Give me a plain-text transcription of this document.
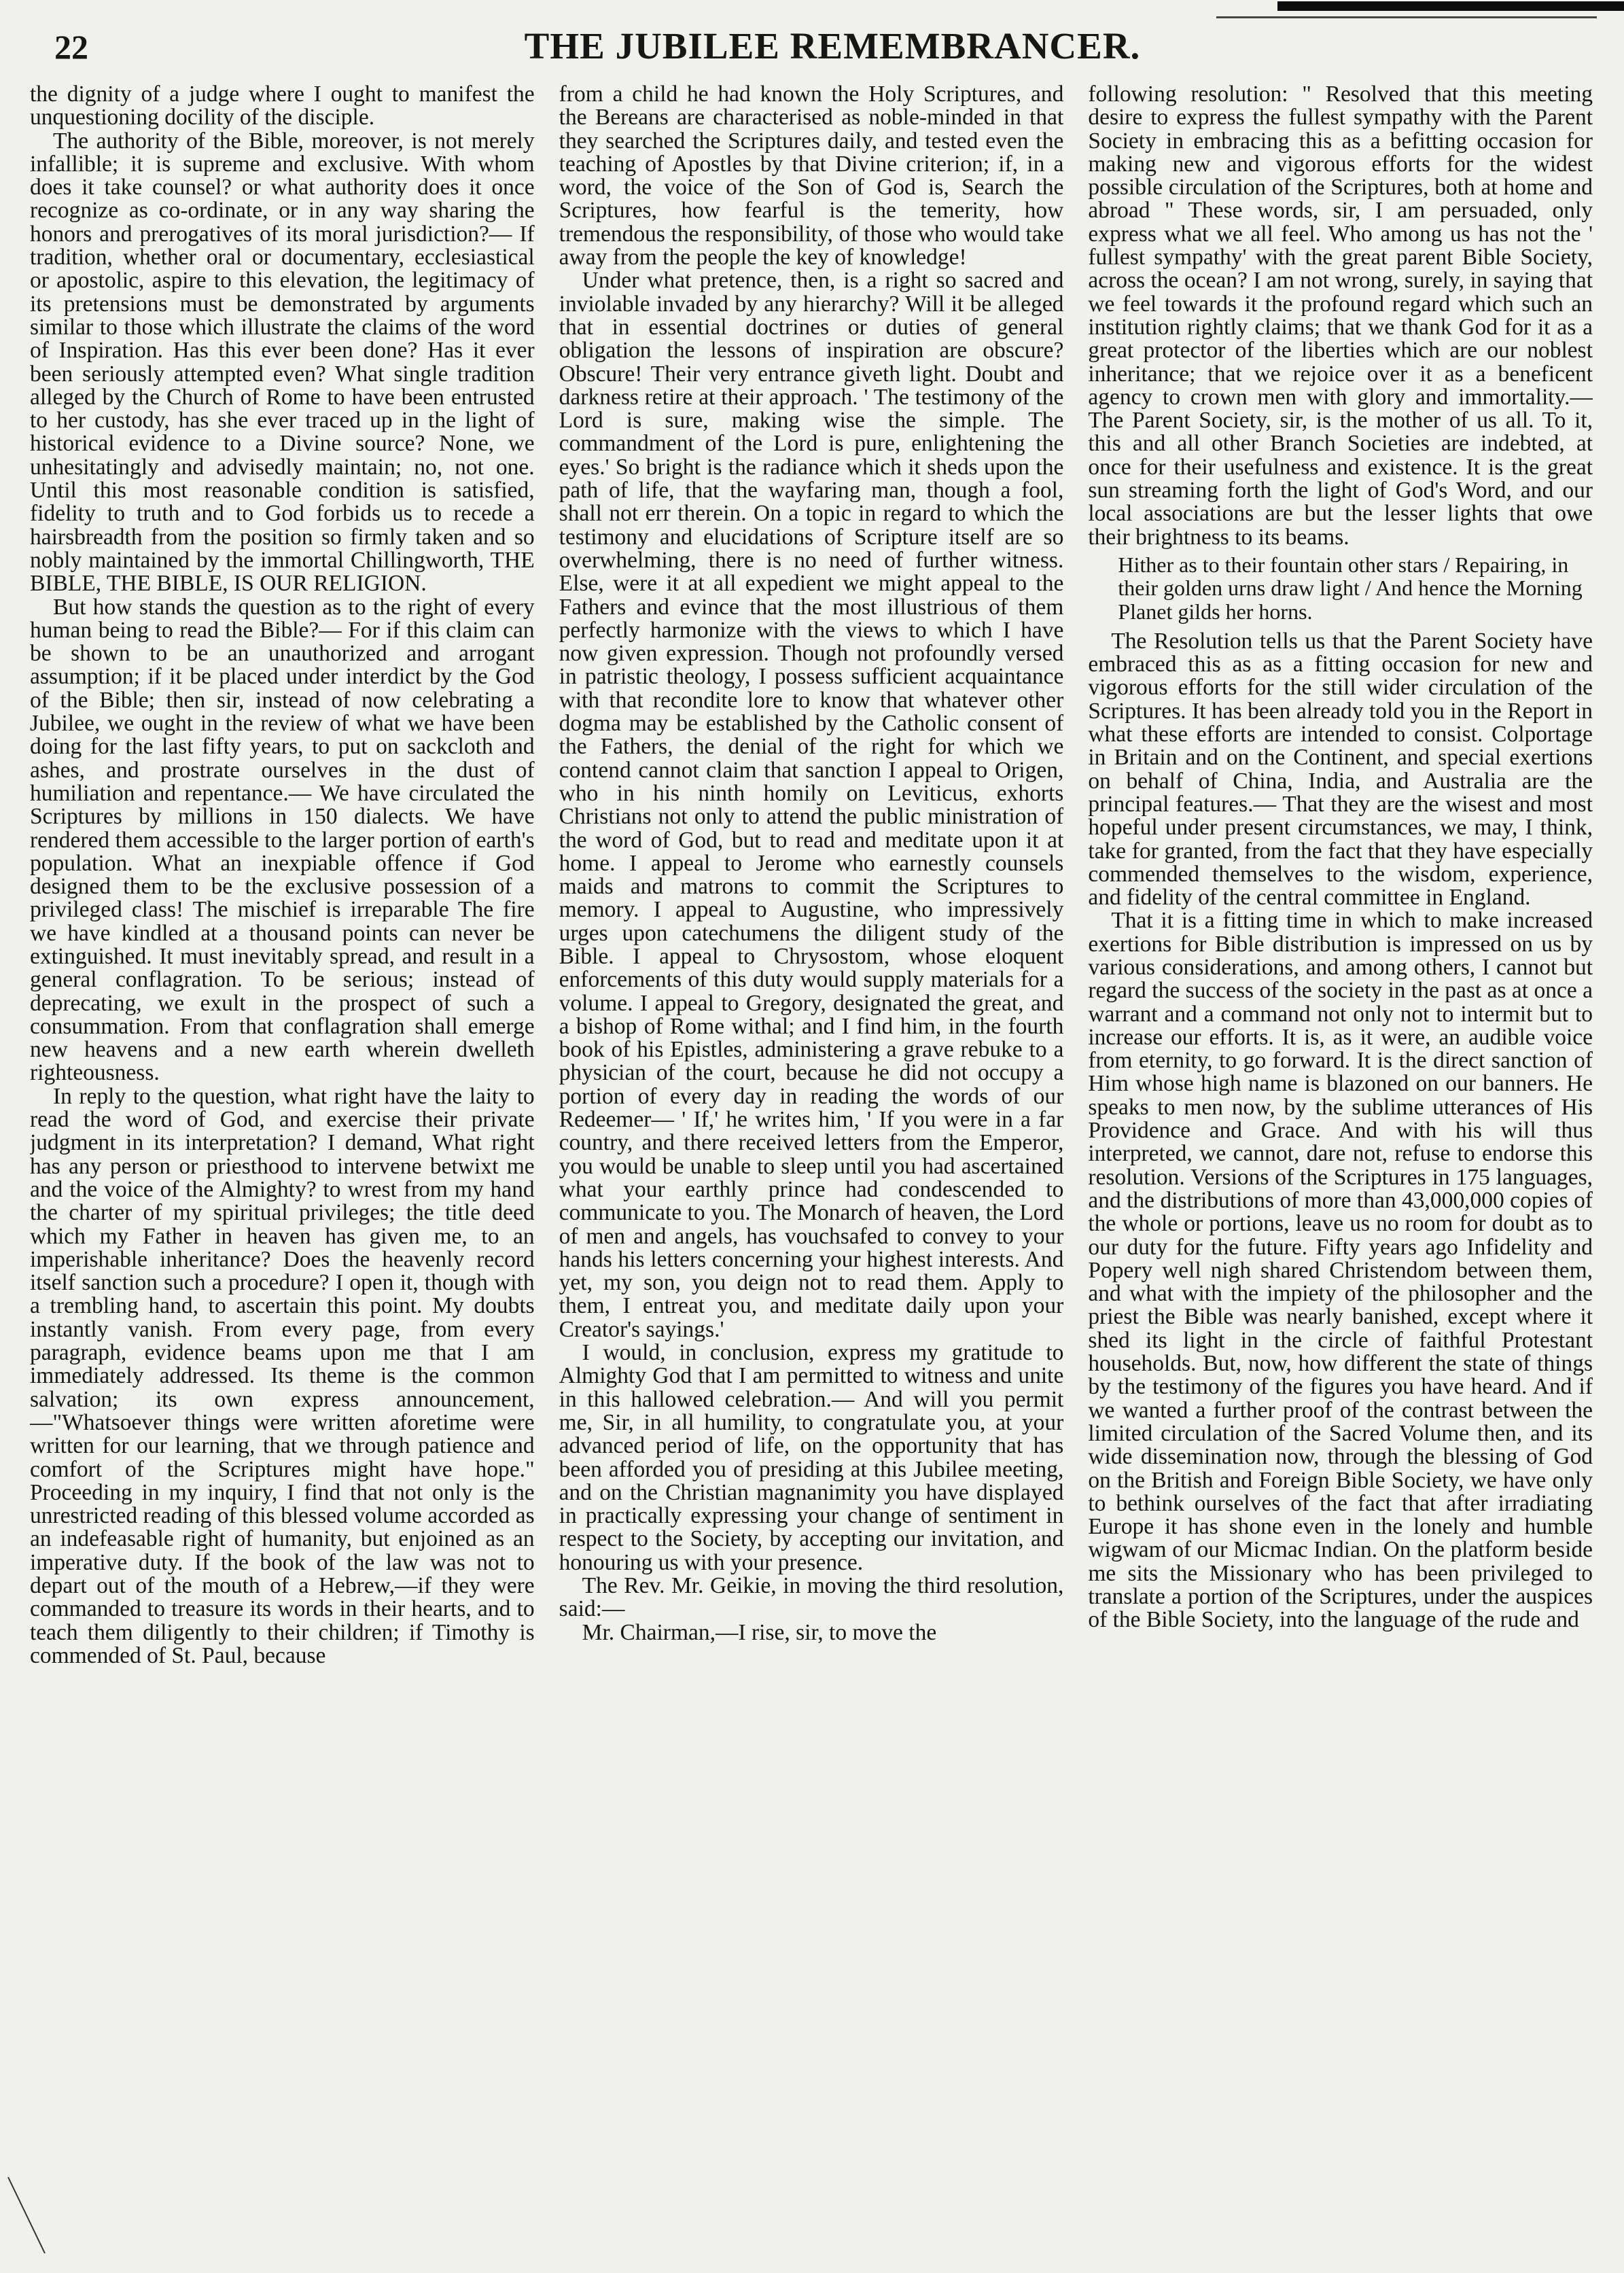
22	THE JUBILEE REMEMBRANCER.

the dignity of a judge where I ought to manifest the unquestioning docility of the disciple.

The authority of the Bible, moreover, is not merely infallible; it is supreme and exclusive. With whom does it take counsel? or what authority does it once recognize as co-ordinate, or in any way sharing the honors and prerogatives of its moral jurisdiction?— If tradition, whether oral or documentary, ecclesiastical or apostolic, aspire to this elevation, the legitimacy of its pretensions must be demonstrated by arguments similar to those which illustrate the claims of the word of Inspiration. Has this ever been done? Has it ever been seriously attempted even? What single tradition alleged by the Church of Rome to have been entrusted to her custody, has she ever traced up in the light of historical evidence to a Divine source? None, we unhesitatingly and advisedly maintain; no, not one. Until this most reasonable condition is satisfied, fidelity to truth and to God forbids us to recede a hairsbreadth from the position so firmly taken and so nobly maintained by the immortal Chillingworth, THE BIBLE, THE BIBLE, IS OUR RELIGION.

But how stands the question as to the right of every human being to read the Bible?— For if this claim can be shown to be an unauthorized and arrogant assumption; if it be placed under interdict by the God of the Bible; then sir, instead of now celebrating a Jubilee, we ought in the review of what we have been doing for the last fifty years, to put on sackcloth and ashes, and prostrate ourselves in the dust of humiliation and repentance.— We have circulated the Scriptures by millions in 150 dialects. We have rendered them accessible to the larger portion of earth's population. What an inexpiable offence if God designed them to be the exclusive possession of a privileged class! The mischief is irreparable The fire we have kindled at a thousand points can never be extinguished. It must inevitably spread, and result in a general conflagration. To be serious; instead of deprecating, we exult in the prospect of such a consummation. From that conflagration shall emerge new heavens and a new earth wherein dwelleth righteousness.

In reply to the question, what right have the laity to read the word of God, and exercise their private judgment in its interpretation? I demand, What right has any person or priesthood to intervene betwixt me and the voice of the Almighty? to wrest from my hand the charter of my spiritual privileges; the title deed which my Father in heaven has given me, to an imperishable inheritance? Does the heavenly record itself sanction such a procedure? I open it, though with a trembling hand, to ascertain this point. My doubts instantly vanish. From every page, from every paragraph, evidence beams upon me that I am immediately addressed. Its theme is the common salvation; its own express announcement,—"Whatsoever things were written aforetime were written for our learning, that we through patience and comfort of the Scriptures might have hope." Proceeding in my inquiry, I find that not only is the unrestricted reading of this blessed volume accorded as an indefeasable right of humanity, but enjoined as an imperative duty. If the book of the law was not to depart out of the mouth of a Hebrew,—if they were commanded to treasure its words in their hearts, and to teach them diligently to their children; if Timothy is commended of St. Paul, because

from a child he had known the Holy Scriptures, and the Bereans are characterised as noble-minded in that they searched the Scriptures daily, and tested even the teaching of Apostles by that Divine criterion; if, in a word, the voice of the Son of God is, Search the Scriptures, how fearful is the temerity, how tremendous the responsibility, of those who would take away from the people the key of knowledge!

Under what pretence, then, is a right so sacred and inviolable invaded by any hierarchy? Will it be alleged that in essential doctrines or duties of general obligation the lessons of inspiration are obscure? Obscure! Their very entrance giveth light. Doubt and darkness retire at their approach. ' The testimony of the Lord is sure, making wise the simple. The commandment of the Lord is pure, enlightening the eyes.' So bright is the radiance which it sheds upon the path of life, that the wayfaring man, though a fool, shall not err therein. On a topic in regard to which the testimony and elucidations of Scripture itself are so overwhelming, there is no need of further witness. Else, were it at all expedient we might appeal to the Fathers and evince that the most illustrious of them perfectly harmonize with the views to which I have now given expression. Though not profoundly versed in patristic theology, I possess sufficient acquaintance with that recondite lore to know that whatever other dogma may be established by the Catholic consent of the Fathers, the denial of the right for which we contend cannot claim that sanction I appeal to Origen, who in his ninth homily on Leviticus, exhorts Christians not only to attend the public ministration of the word of God, but to read and meditate upon it at home. I appeal to Jerome who earnestly counsels maids and matrons to commit the Scriptures to memory. I appeal to Augustine, who impressively urges upon catechumens the diligent study of the Bible. I appeal to Chrysostom, whose eloquent enforcements of this duty would supply materials for a volume. I appeal to Gregory, designated the great, and a bishop of Rome withal; and I find him, in the fourth book of his Epistles, administering a grave rebuke to a physician of the court, because he did not occupy a portion of every day in reading the words of our Redeemer— ' If,' he writes him, ' If you were in a far country, and there received letters from the Emperor, you would be unable to sleep until you had ascertained what your earthly prince had condescended to communicate to you. The Monarch of heaven, the Lord of men and angels, has vouchsafed to convey to your hands his letters concerning your highest interests. And yet, my son, you deign not to read them. Apply to them, I entreat you, and meditate daily upon your Creator's sayings.'

I would, in conclusion, express my gratitude to Almighty God that I am permitted to witness and unite in this hallowed celebration.— And will you permit me, Sir, in all humility, to congratulate you, at your advanced period of life, on the opportunity that has been afforded you of presiding at this Jubilee meeting, and on the Christian magnanimity you have displayed in practically expressing your change of sentiment in respect to the Society, by accepting our invitation, and honouring us with your presence.

The Rev. Mr. Geikie, in moving the third resolution, said:—

Mr. Chairman,—I rise, sir, to move the

following resolution: " Resolved that this meeting desire to express the fullest sympathy with the Parent Society in embracing this as a befitting occasion for making new and vigorous efforts for the widest possible circulation of the Scriptures, both at home and abroad " These words, sir, I am persuaded, only express what we all feel. Who among us has not the ' fullest sympathy' with the great parent Bible Society, across the ocean? I am not wrong, surely, in saying that we feel towards it the profound regard which such an institution rightly claims; that we thank God for it as a great protector of the liberties which are our noblest inheritance; that we rejoice over it as a beneficent agency to crown men with glory and immortality.— The Parent Society, sir, is the mother of us all. To it, this and all other Branch Societies are indebted, at once for their usefulness and existence. It is the great sun streaming forth the light of God's Word, and our local associations are but the lesser lights that owe their brightness to its beams.

Hither as to their fountain other stars / Repairing, in their golden urns draw light / And hence the Morning Planet gilds her horns.

The Resolution tells us that the Parent Society have embraced this as as a fitting occasion for new and vigorous efforts for the still wider circulation of the Scriptures. It has been already told you in the Report in what these efforts are intended to consist. Colportage in Britain and on the Continent, and special exertions on behalf of China, India, and Australia are the principal features.— That they are the wisest and most hopeful under present circumstances, we may, I think, take for granted, from the fact that they have especially commended themselves to the wisdom, experience, and fidelity of the central committee in England.

That it is a fitting time in which to make increased exertions for Bible distribution is impressed on us by various considerations, and among others, I cannot but regard the success of the society in the past as at once a warrant and a command not only not to intermit but to increase our efforts. It is, as it were, an audible voice from eternity, to go forward. It is the direct sanction of Him whose high name is blazoned on our banners. He speaks to men now, by the sublime utterances of His Providence and Grace. And with his will thus interpreted, we cannot, dare not, refuse to endorse this resolution. Versions of the Scriptures in 175 languages, and the distributions of more than 43,000,000 copies of the whole or portions, leave us no room for doubt as to our duty for the future. Fifty years ago Infidelity and Popery well nigh shared Christendom between them, and what with the impiety of the philosopher and the priest the Bible was nearly banished, except where it shed its light in the circle of faithful Protestant households. But, now, how different the state of things by the testimony of the figures you have heard. And if we wanted a further proof of the contrast between the limited circulation of the Sacred Volume then, and its wide dissemination now, through the blessing of God on the British and Foreign Bible Society, we have only to bethink ourselves of the fact that after irradiating Europe it has shone even in the lonely and humble wigwam of our Micmac Indian. On the platform beside me sits the Missionary who has been privileged to translate a portion of the Scriptures, under the auspices of the Bible Society, into the language of the rude and
